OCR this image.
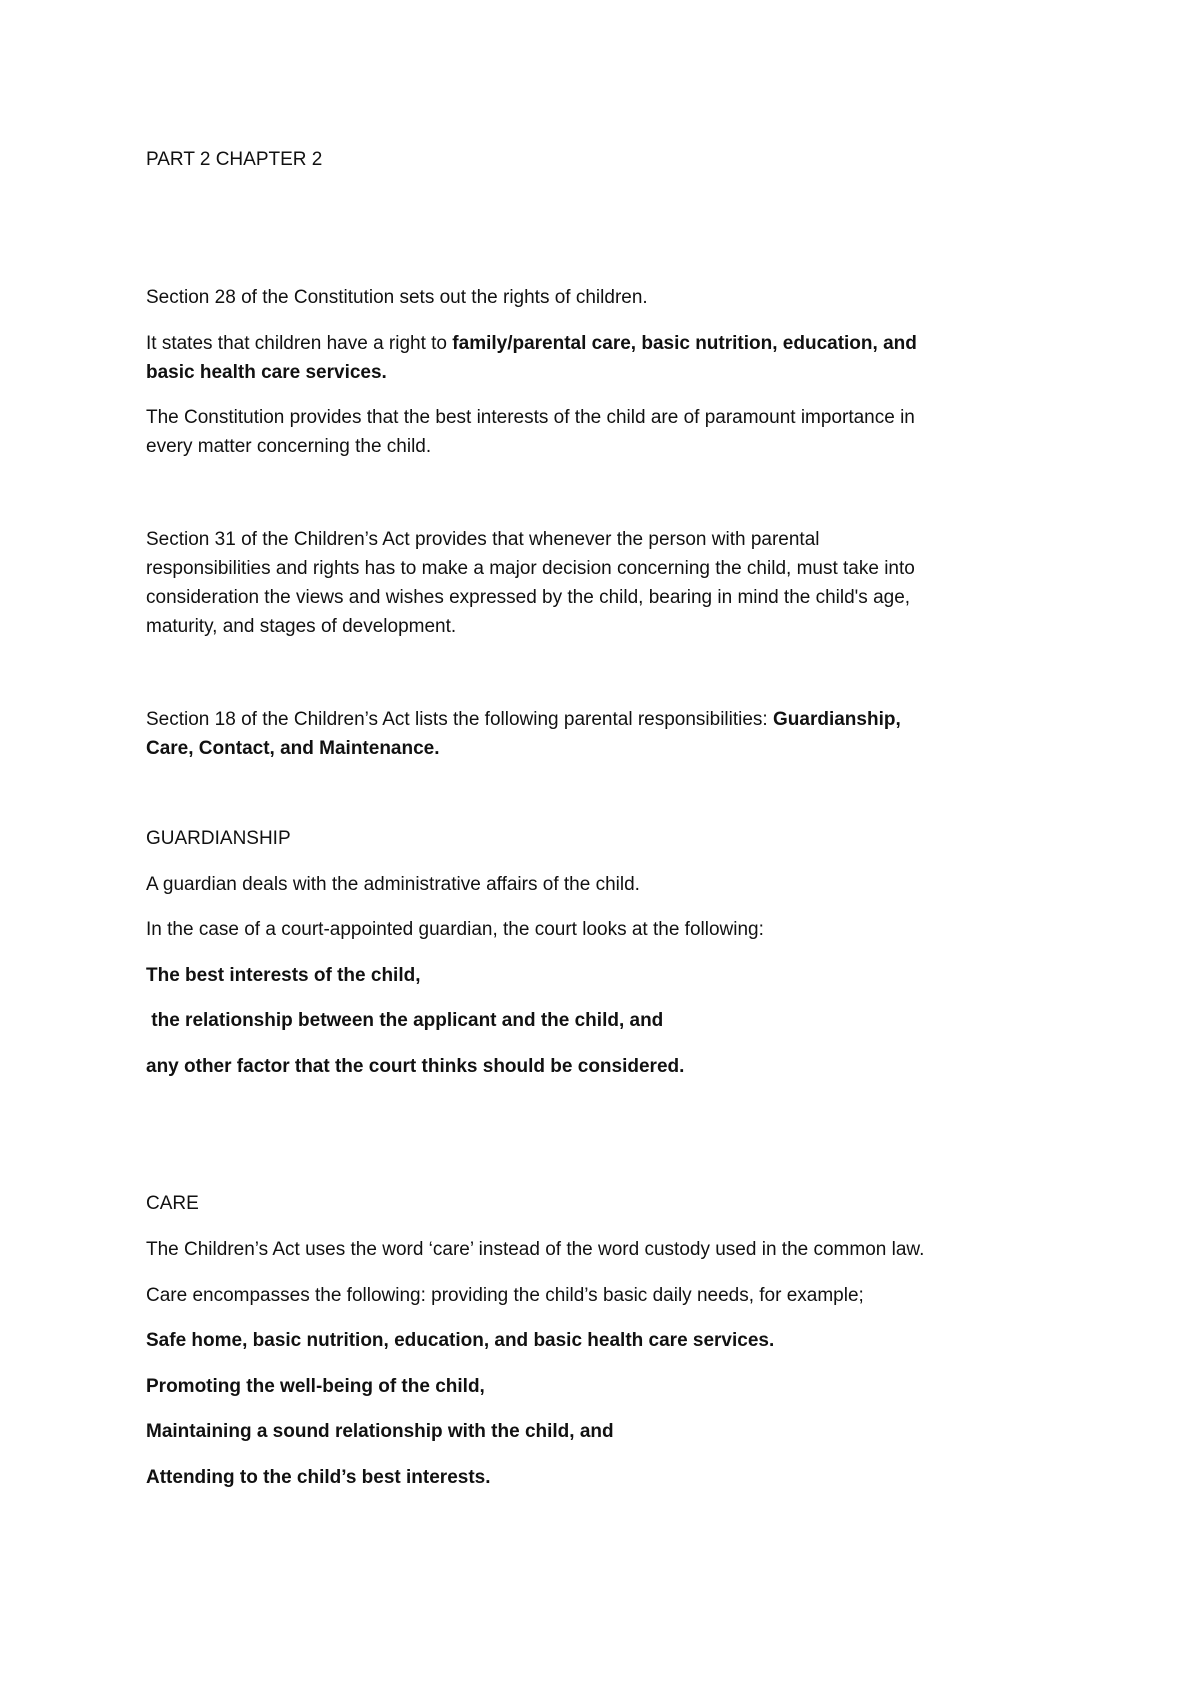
PART 2 CHAPTER 2

Section 28 of the Constitution sets out the rights of children.

It states that children have a right to family/parental care, basic nutrition, education, and

basic health care services.

The Constitution provides that the best interests of the child are of paramount importance in

every matter concerning the child.

Section 31 of the Children’s Act provides that whenever the person with parental

responsibilities and rights has to make a major decision concerning the child, must take into

consideration the views and wishes expressed by the child, bearing in mind the child's age,

maturity, and stages of development.

Section 18 of the Children’s Act lists the following parental responsibilities: Guardianship,

Care, Contact, and Maintenance.

GUARDIANSHIP

A guardian deals with the administrative affairs of the child.

In the case of a court-appointed guardian, the court looks at the following:

The best interests of the child,

the relationship between the applicant and the child, and

any other factor that the court thinks should be considered.

CARE

The Children’s Act uses the word ‘care’ instead of the word custody used in the common law.

Care encompasses the following: providing the child’s basic daily needs, for example;

Safe home, basic nutrition, education, and basic health care services.

Promoting the well-being of the child,

Maintaining a sound relationship with the child, and

Attending to the child’s best interests.
